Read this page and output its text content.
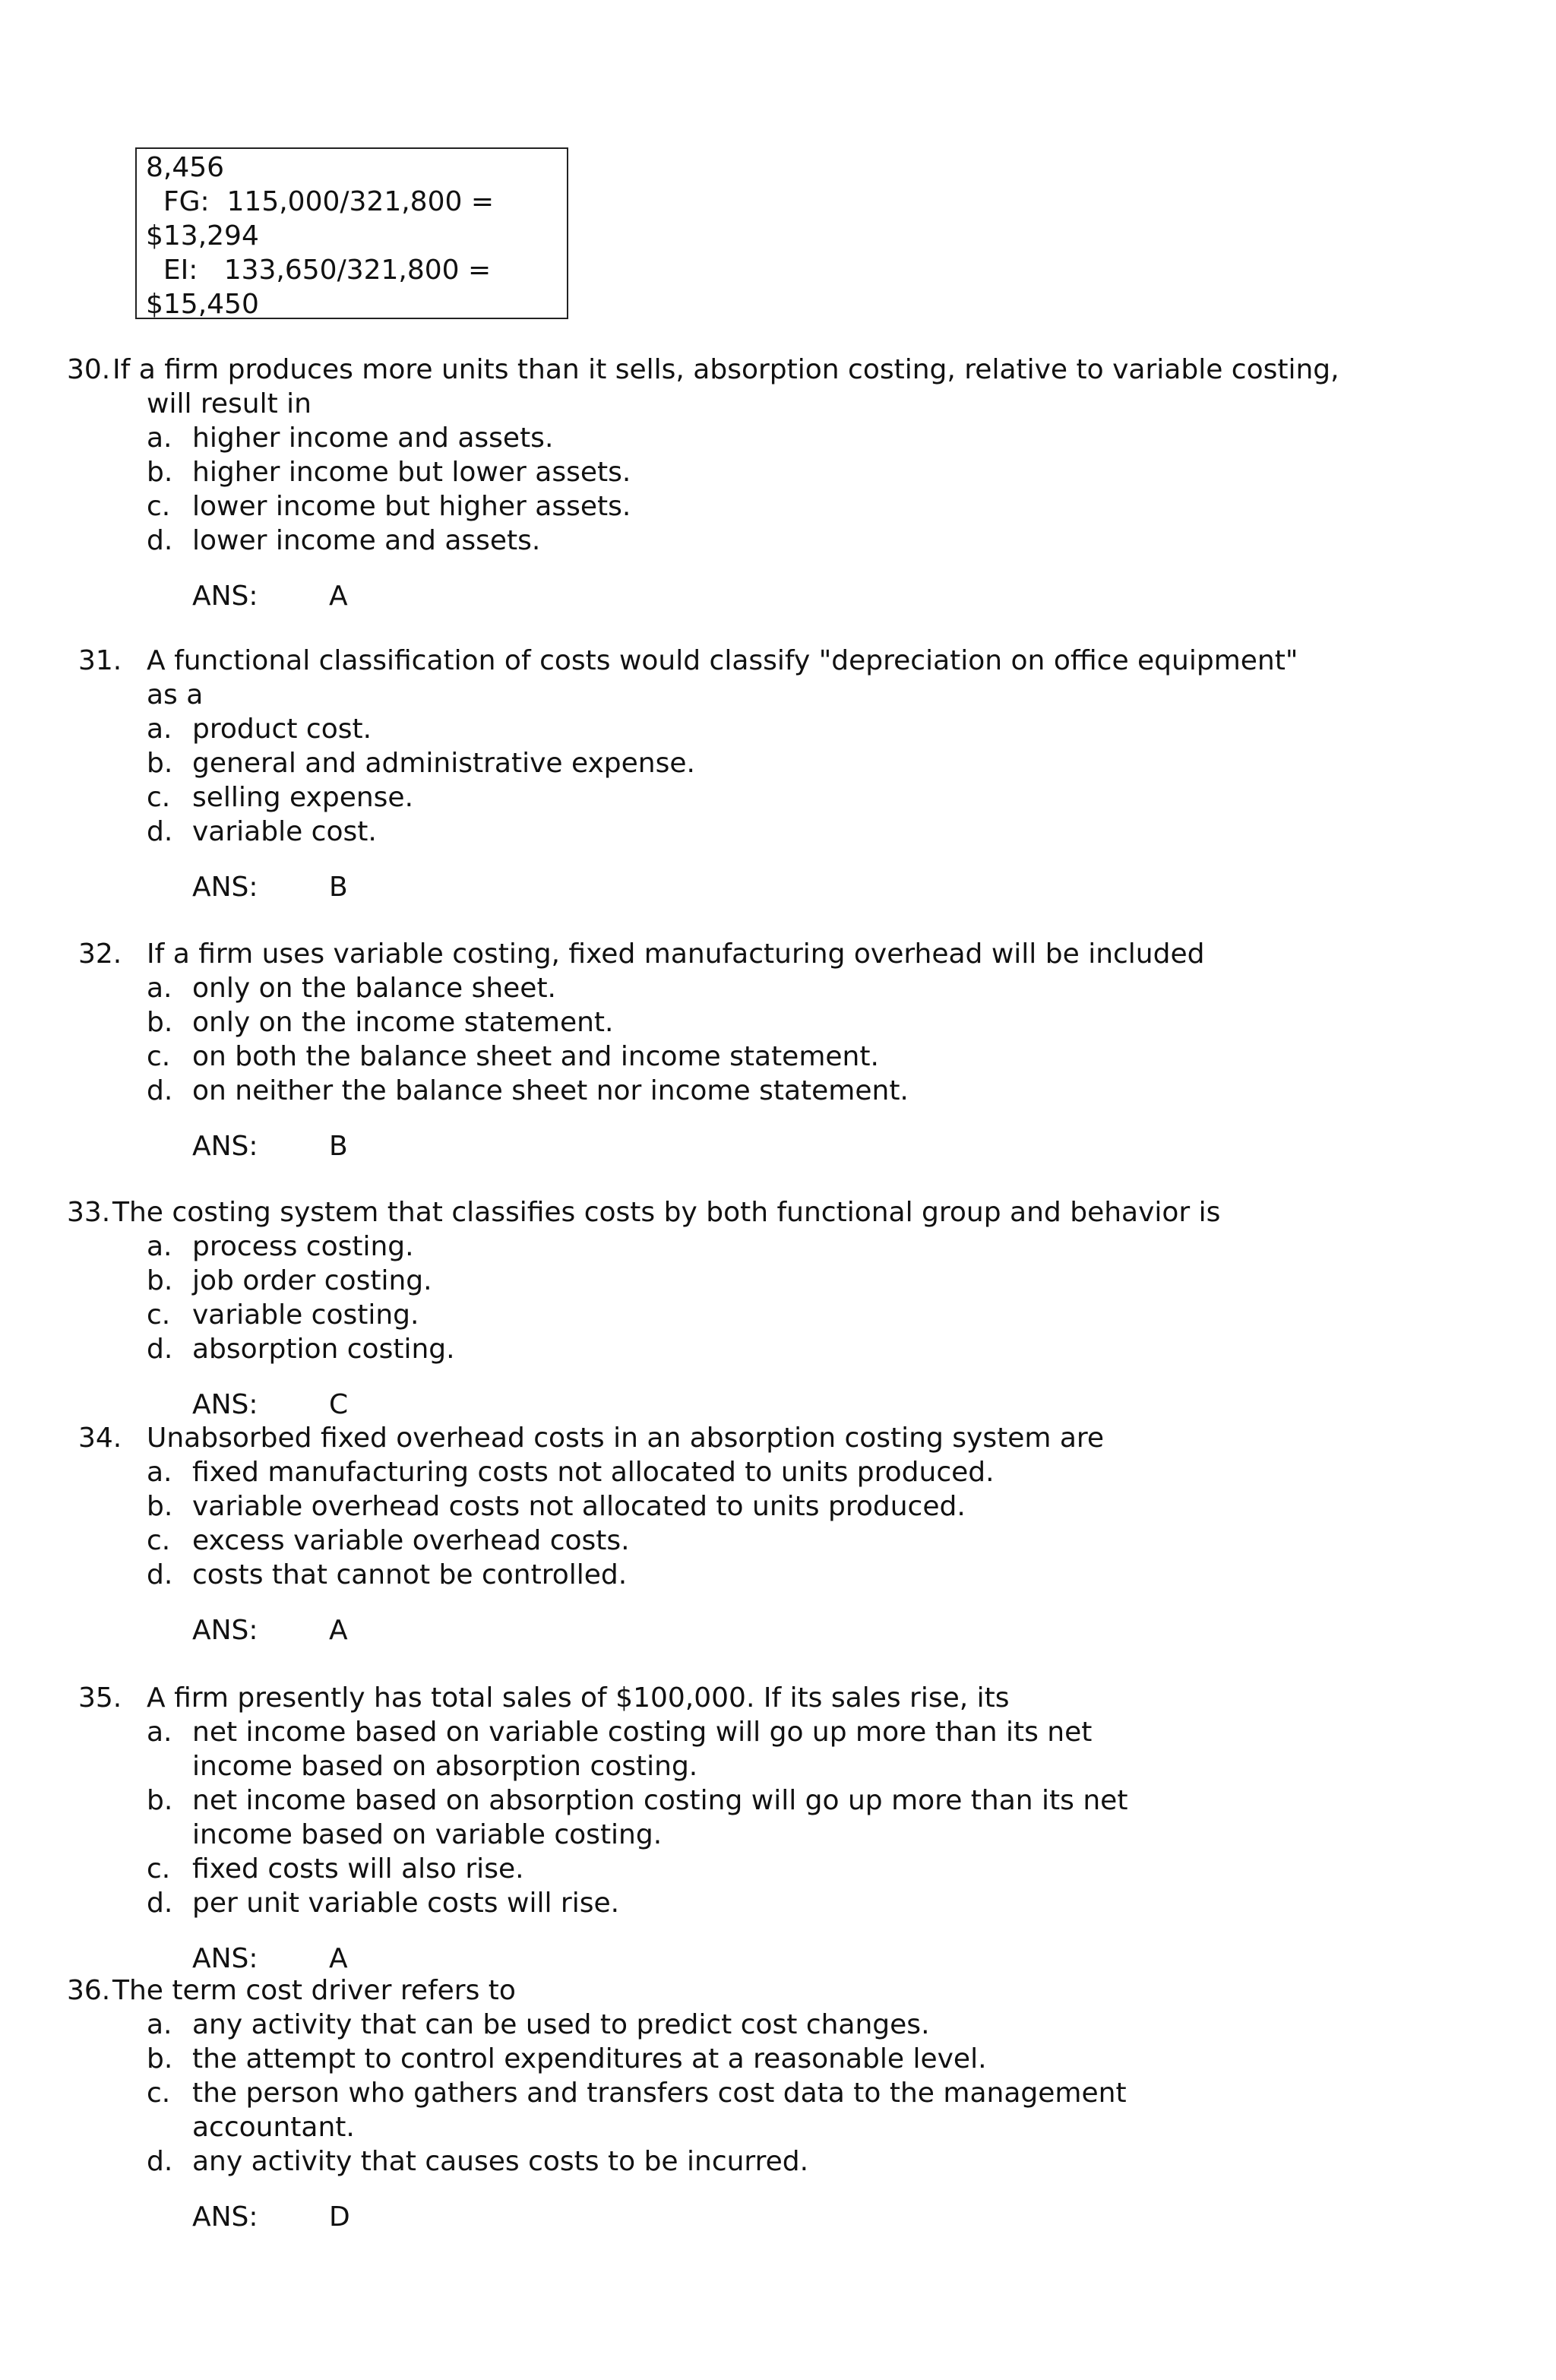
8,456
FG:  115,000/321,800 =
$13,294
EI:   133,650/321,800 =
$15,450
30. If a firm produces more units than it sells, absorption costing, relative to variable costing,
will result in
a. higher income and assets.
b. higher income but lower assets.
c. lower income but higher assets.
d. lower income and assets.
ANS:	A
31. A functional classification of costs would classify "depreciation on office equipment"
as a
a. product cost.
b. general and administrative expense.
c. selling expense.
d. variable cost.
ANS:	B
32. If a firm uses variable costing, fixed manufacturing overhead will be included
a. only on the balance sheet.
b. only on the income statement.
c. on both the balance sheet and income statement.
d. on neither the balance sheet nor income statement.
ANS:	B
33. The costing system that classifies costs by both functional group and behavior is
a. process costing.
b. job order costing.
c. variable costing.
d. absorption costing.
ANS:	C
34. Unabsorbed fixed overhead costs in an absorption costing system are
a. fixed manufacturing costs not allocated to units produced.
b. variable overhead costs not allocated to units produced.
c. excess variable overhead costs.
d. costs that cannot be controlled.
ANS:	A
35. A firm presently has total sales of $100,000. If its sales rise, its
a. net income based on variable costing will go up more than its net
income based on absorption costing.
b. net income based on absorption costing will go up more than its net
income based on variable costing.
c. fixed costs will also rise.
d. per unit variable costs will rise.
ANS:	A
36. The term cost driver refers to
a. any activity that can be used to predict cost changes.
b. the attempt to control expenditures at a reasonable level.
c. the person who gathers and transfers cost data to the management
accountant.
d. any activity that causes costs to be incurred.
ANS:	D
